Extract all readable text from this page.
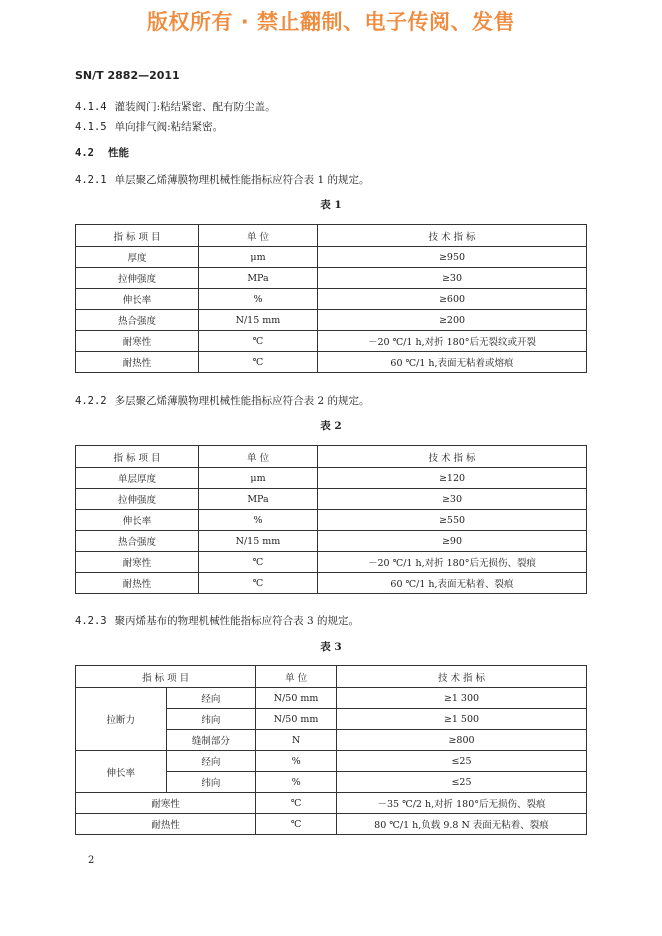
版权所有 · 禁止翻制、电子传阅、发售
SN/T 2882—2011
4.1.4 灌装阀门:粘结紧密、配有防尘盖。
4.1.5 单向排气阀:粘结紧密。
4.2 性能
4.2.1 单层聚乙烯薄膜物理机械性能指标应符合表 1 的规定。
表 1
指 标 项 目	单 位	技 术 指 标
厚度	μm	≥950
拉伸强度	MPa	≥30
伸长率	%	≥600
热合强度	N/15 mm	≥200
耐寒性	℃	－20 ℃/1 h,对折 180°后无裂纹或开裂
耐热性	℃	60 ℃/1 h,表面无粘着或熔痕
4.2.2 多层聚乙烯薄膜物理机械性能指标应符合表 2 的规定。
表 2
指 标 项 目	单 位	技 术 指 标
单层厚度	μm	≥120
拉伸强度	MPa	≥30
伸长率	%	≥550
热合强度	N/15 mm	≥90
耐寒性	℃	－20 ℃/1 h,对折 180°后无损伤、裂痕
耐热性	℃	60 ℃/1 h,表面无粘着、裂痕
4.2.3 聚丙烯基布的物理机械性能指标应符合表 3 的规定。
表 3
指 标 项 目		单 位	技 术 指 标
拉断力	经向	N/50 mm	≥1 300
	纬向	N/50 mm	≥1 500
	缝制部分	N	≥800
伸长率	经向	%	≤25
	纬向	%	≤25
耐寒性		℃	－35 ℃/2 h,对折 180°后无损伤、裂痕
耐热性		℃	80 ℃/1 h,负载 9.8 N 表面无粘着、裂痕
2
